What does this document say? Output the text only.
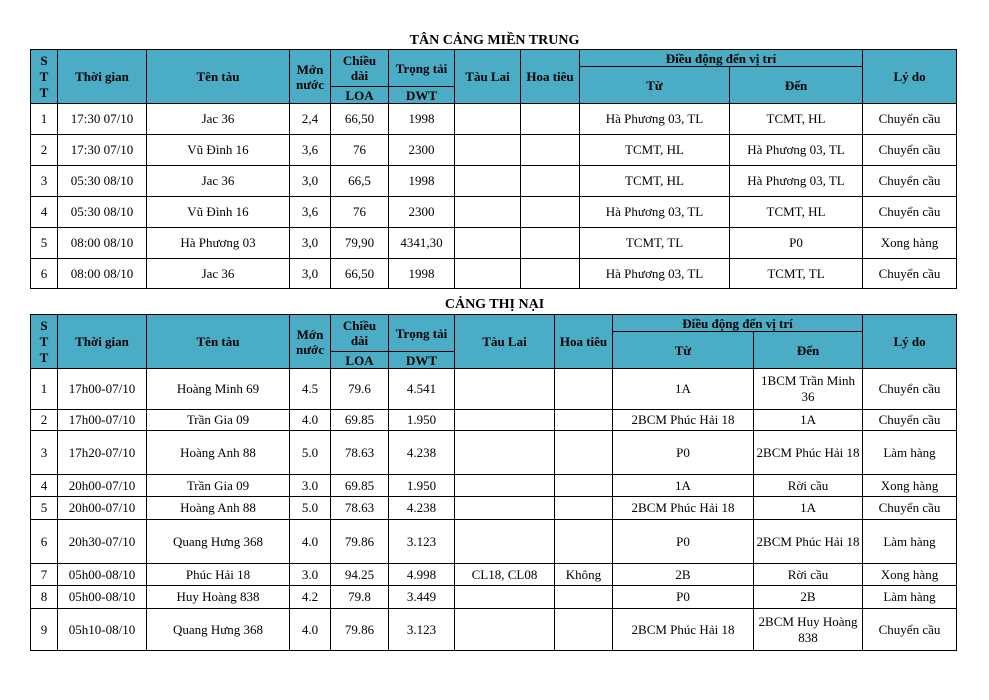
TÂN CẢNG MIỀN TRUNG
S
T
T	Thời gian	Tên tàu	Mớn nước	Chiều dài	Trọng tải	Tàu Lai	Hoa tiêu	Điều động đến vị trí		Lý do
								Từ	Đến	
				LOA	DWT					
1	17:30 07/10	Jac 36	2,4	66,50	1998			Hà Phương 03, TL	TCMT, HL	Chuyển cầu
2	17:30 07/10	Vũ Đình 16	3,6	76	2300			TCMT, HL	Hà Phương 03, TL	Chuyển cầu
3	05:30 08/10	Jac 36	3,0	66,5	1998			TCMT, HL	Hà Phương 03, TL	Chuyển cầu
4	05:30 08/10	Vũ Đình 16	3,6	76	2300			Hà Phương 03, TL	TCMT, HL	Chuyển cầu
5	08:00 08/10	Hà Phương 03	3,0	79,90	4341,30			TCMT, TL	P0	Xong hàng
6	08:00 08/10	Jac 36	3,0	66,50	1998			Hà Phương 03, TL	TCMT, TL	Chuyển cầu
CẢNG THỊ NẠI
S
T
T	Thời gian	Tên tàu	Mớn nước	Chiều dài	Trọng tải	Tàu Lai	Hoa tiêu	Điều động đến vị trí		Lý do
								Từ	Đến	
				LOA	DWT					
1	17h00-07/10	Hoàng Minh 69	4.5	79.6	4.541			1A	1BCM Trần Minh 36	Chuyển cầu
2	17h00-07/10	Trần Gia 09	4.0	69.85	1.950			2BCM Phúc Hải 18	1A	Chuyển cầu
3	17h20-07/10	Hoàng Anh 88	5.0	78.63	4.238			P0	2BCM Phúc Hải 18	Làm hàng
4	20h00-07/10	Trần Gia 09	3.0	69.85	1.950			1A	Rời cầu	Xong hàng
5	20h00-07/10	Hoàng Anh 88	5.0	78.63	4.238			2BCM Phúc Hải 18	1A	Chuyển cầu
6	20h30-07/10	Quang Hưng 368	4.0	79.86	3.123			P0	2BCM Phúc Hải 18	Làm hàng
7	05h00-08/10	Phúc Hải 18	3.0	94.25	4.998	CL18, CL08	Không	2B	Rời cầu	Xong hàng
8	05h00-08/10	Huy Hoàng 838	4.2	79.8	3.449			P0	2B	Làm hàng
9	05h10-08/10	Quang Hưng 368	4.0	79.86	3.123			2BCM Phúc Hải 18	2BCM Huy Hoàng 838	Chuyển cầu
